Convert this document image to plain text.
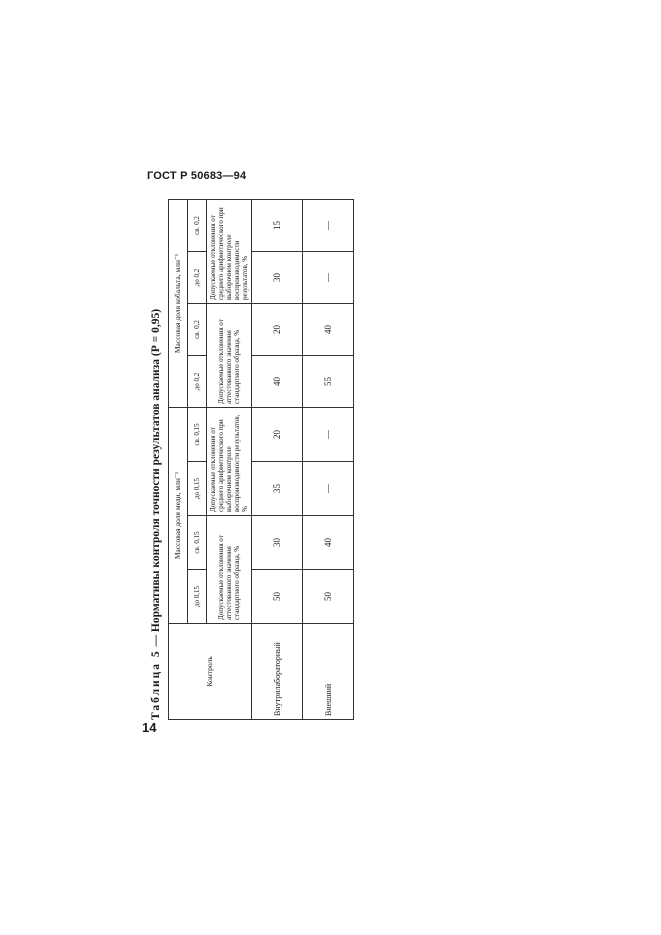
ГОСТ Р 50683—94
14
Таблица 5 — Нормативы контроля точности результатов анализа (Р = 0,95)
Контроль	Массовая доля меди, млн⁻¹				Массовая доля кобальта, млн⁻¹			
	до 0,15	св. 0,15	до 0,15	св. 0,15	до 0,2	св. 0,2	до 0,2	св. 0,2
	Допускаемые отклонения от аттестованного значения стандартного образца, %		Допускаемые отклонения от среднего арифметического при выборочном контроле воспроизводимости результатов, %		Допускаемые отклонения от аттестованного значения стандартного образца, %		Допускаемые отклонения от среднего арифметического при выборочном контроле воспроизводимости результатов, %	
Внутрилабораторный	50	30	35	20	40	20	30	15
Внешний	50	40	—	—	55	40	—	—
